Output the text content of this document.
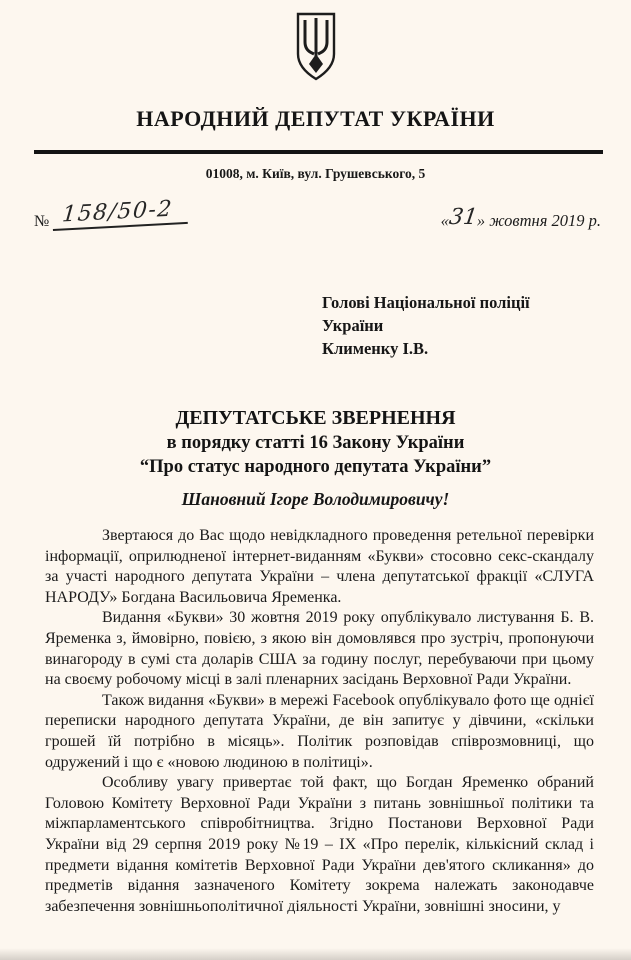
НАРОДНИЙ ДЕПУТАТ УКРАЇНИ
01008, м. Київ, вул. Грушевського, 5
№ 158/50-2	«31» жовтня 2019 р.
Голові Національної поліції
України
Клименку І.В.
ДЕПУТАТСЬКЕ ЗВЕРНЕННЯ
в порядку статті 16 Закону України
“Про статус народного депутата України”
Шановний Ігоре Володимировичу!

Звертаюся до Вас щодо невідкладного проведення ретельної перевірки інформації, оприлюдненої інтернет-виданням «Букви» стосовно секс-скандалу за участі народного депутата України – члена депутатської фракції «СЛУГА НАРОДУ» Богдана Васильовича Яременка.

Видання «Букви» 30 жовтня 2019 року опублікувало листування Б. В. Яременка з, ймовірно, повією, з якою він домовлявся про зустріч, пропонуючи винагороду в сумі ста доларів США за годину послуг, перебуваючи при цьому на своєму робочому місці в залі пленарних засідань Верховної Ради України.

Також видання «Букви» в мережі Facebook опублікувало фото ще однієї переписки народного депутата України, де він запитує у дівчини, «скільки грошей їй потрібно в місяць». Політик розповідав співрозмовниці, що одружений і що є «новою людиною в політиці».

Особливу увагу привертає той факт, що Богдан Яременко обраний Головою Комітету Верховної Ради України з питань зовнішньої політики та міжпарламентського співробітництва. Згідно Постанови Верховної Ради України від 29 серпня 2019 року №19 – ІХ «Про перелік, кількісний склад і предмети відання комітетів Верховної Ради України дев'ятого скликання» до предметів відання зазначеного Комітету зокрема належать законодавче забезпечення зовнішньополітичної діяльності України, зовнішні зносини, у
